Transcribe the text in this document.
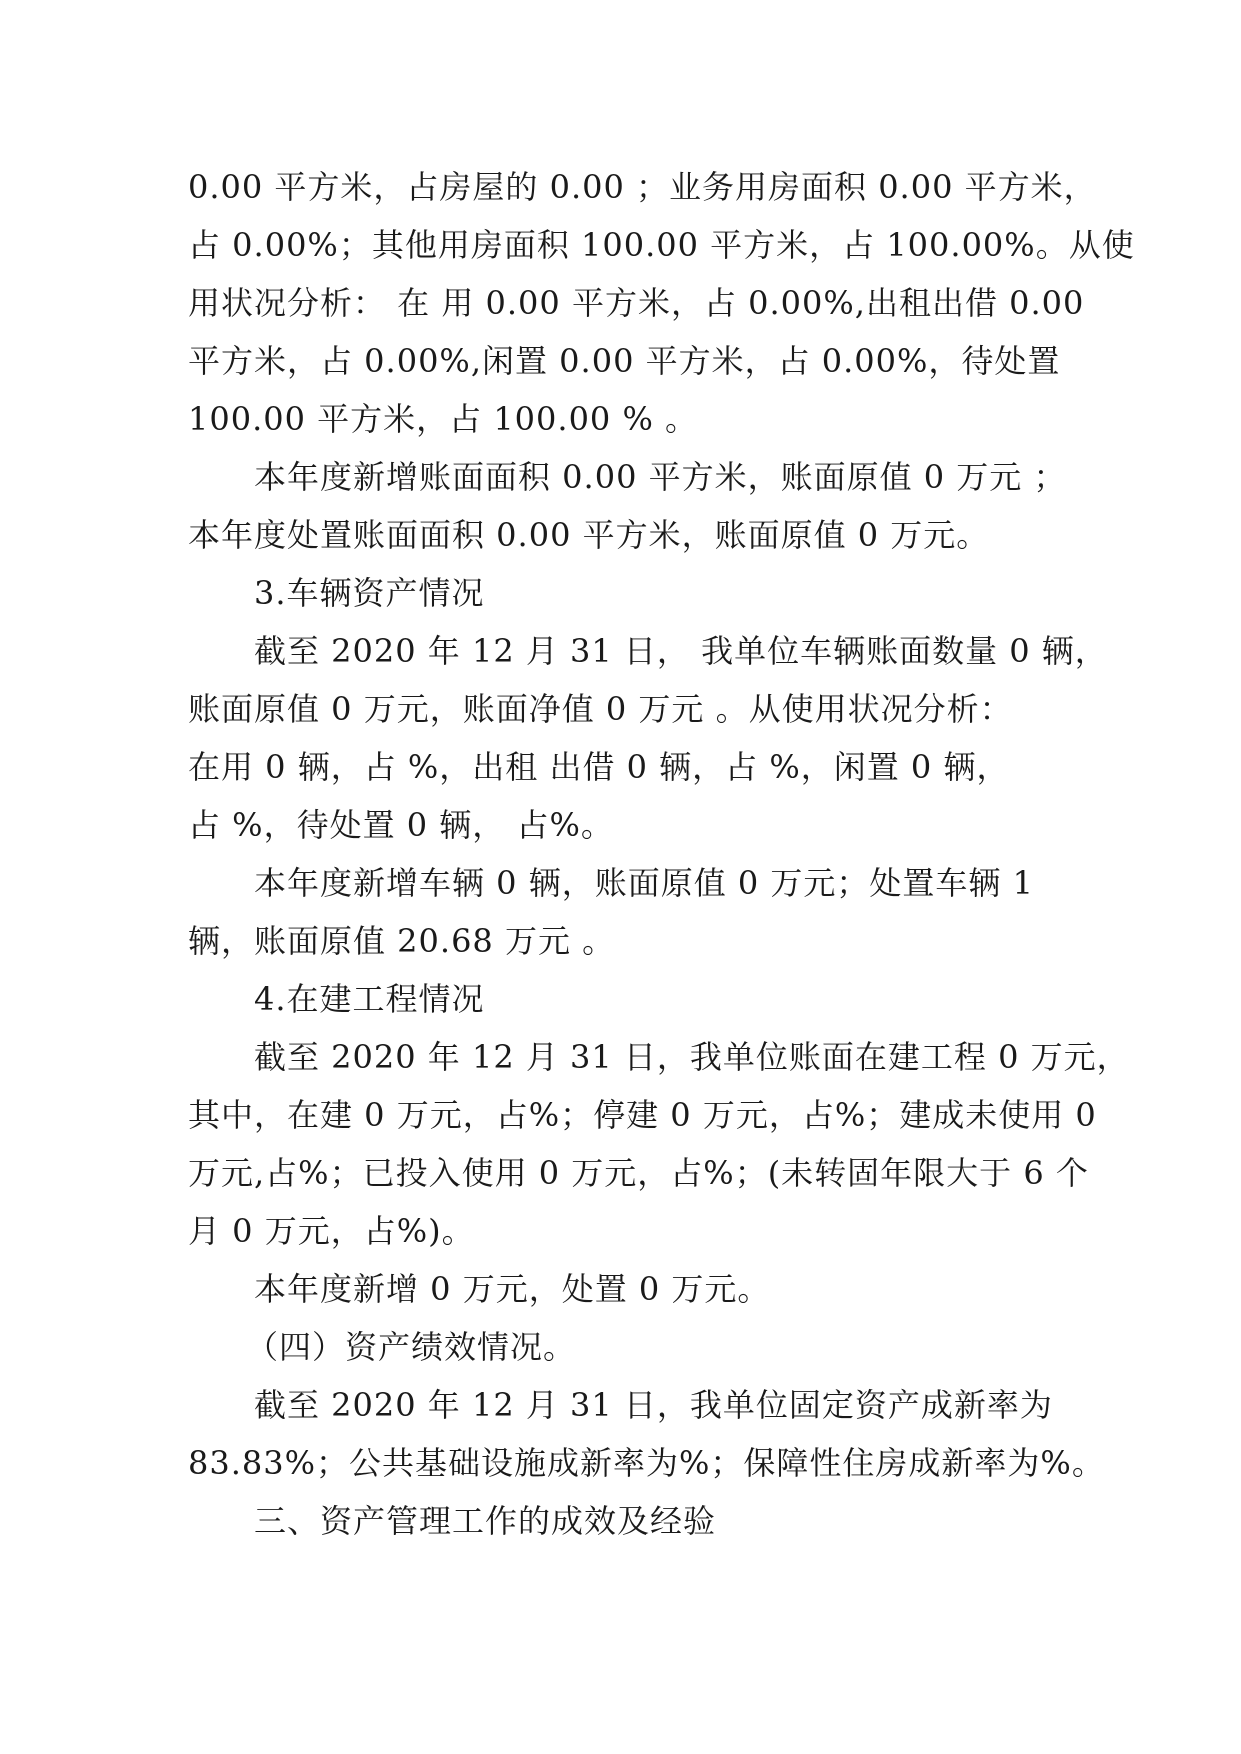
0.00 平方米，占房屋的 0.00 ；业务用房面积 0.00 平方米，
占 0.00%；其他用房面积 100.00 平方米，占 100.00%。从使
用状况分析： 在 用 0.00 平方米，占 0.00%,出租出借 0.00
平方米，占 0.00%,闲置 0.00 平方米，占 0.00%，待处置
100.00 平方米，占 100.00 % 。
本年度新增账面面积 0.00 平方米，账面原值 0 万元 ；
本年度处置账面面积 0.00 平方米，账面原值 0 万元。
3.车辆资产情况
截至 2020 年 12 月 31 日， 我单位车辆账面数量 0 辆，
账面原值 0 万元，账面净值 0 万元 。从使用状况分析：
在用 0 辆，占 %，出租 出借 0 辆，占 %，闲置 0 辆，
占 %，待处置 0 辆， 占%。
本年度新增车辆 0 辆，账面原值 0 万元；处置车辆 1
辆，账面原值 20.68 万元 。
4.在建工程情况
截至 2020 年 12 月 31 日，我单位账面在建工程 0 万元，
其中，在建 0 万元，占%；停建 0 万元，占%；建成未使用 0
万元,占%；已投入使用 0 万元，占%；(未转固年限大于 6 个
月 0 万元，占%)。
本年度新增 0 万元，处置 0 万元。
（四）资产绩效情况。
截至 2020 年 12 月 31 日，我单位固定资产成新率为
83.83%；公共基础设施成新率为%；保障性住房成新率为%。
三、资产管理工作的成效及经验
